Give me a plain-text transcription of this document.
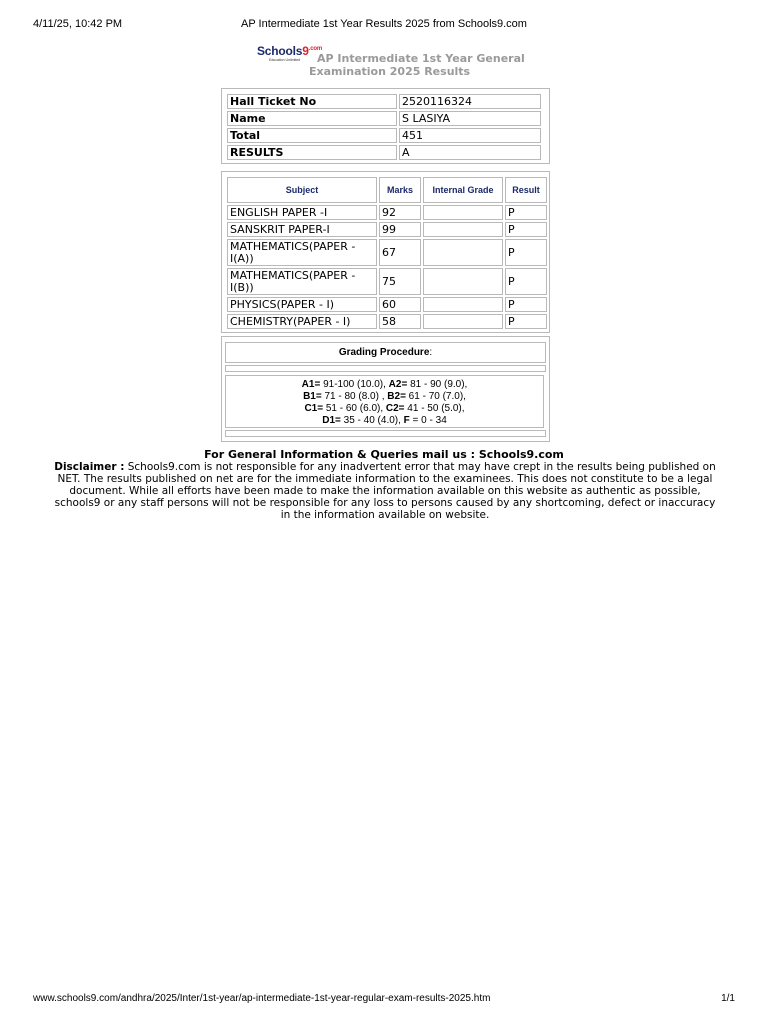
4/11/25, 10:42 PM	AP Intermediate 1st Year Results 2025 from Schools9.com
$Schools9^{.com}$
Education Unlimited	AP Intermediate 1st Year General
Examination 2025 Results
Hall Ticket No	2520116324
Name	S LASIYA
Total	451
RESULTS	A
Subject	Marks	Internal Grade	Result
ENGLISH PAPER -I	92		P
SANSKRIT PAPER-I	99		P
MATHEMATICS(PAPER - I(A))	67		P
MATHEMATICS(PAPER - I(B))	75		P
PHYSICS(PAPER - I)	60		P
CHEMISTRY(PAPER - I)	58		P
Grading Procedure:
A1= 91-100 (10.0), A2= 81 - 90 (9.0),
B1= 71 - 80 (8.0) , B2= 61 - 70 (7.0),
C1= 51 - 60 (6.0), C2= 41 - 50 (5.0),
D1= 35 - 40 (4.0), F = 0 - 34
For General Information & Queries mail us : Schools9.com
Disclaimer : Schools9.com is not responsible for any inadvertent error that may have crept in the results being published on NET. The results published on net are for the immediate information to the examinees. This does not constitute to be a legal document. While all efforts have been made to make the information available on this website as authentic as possible, schools9 or any staff persons will not be responsible for any loss to persons caused by any shortcoming, defect or inaccuracy in the information available on website.
www.schools9.com/andhra/2025/Inter/1st-year/ap-intermediate-1st-year-regular-exam-results-2025.htm	1/1
